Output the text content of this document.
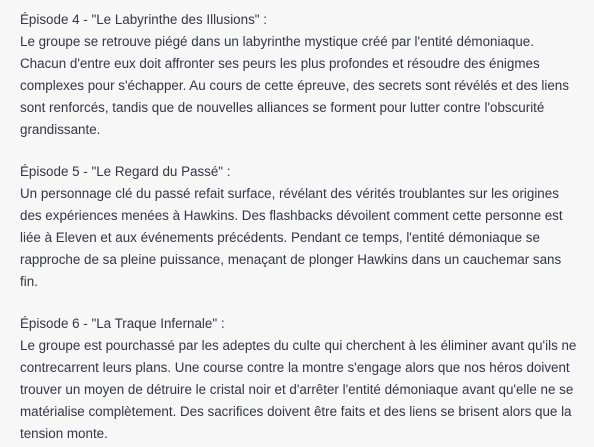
Épisode 4 - "Le Labyrinthe des Illusions" :

Le groupe se retrouve piégé dans un labyrinthe mystique créé par l'entité démoniaque. Chacun d'entre eux doit affronter ses peurs les plus profondes et résoudre des énigmes complexes pour s'échapper. Au cours de cette épreuve, des secrets sont révélés et des liens sont renforcés, tandis que de nouvelles alliances se forment pour lutter contre l'obscurité grandissante.

Épisode 5 - "Le Regard du Passé" :

Un personnage clé du passé refait surface, révélant des vérités troublantes sur les origines des expériences menées à Hawkins. Des flashbacks dévoilent comment cette personne est liée à Eleven et aux événements précédents. Pendant ce temps, l'entité démoniaque se rapproche de sa pleine puissance, menaçant de plonger Hawkins dans un cauchemar sans fin.

Épisode 6 - "La Traque Infernale" :

Le groupe est pourchassé par les adeptes du culte qui cherchent à les éliminer avant qu'ils ne contrecarrent leurs plans. Une course contre la montre s'engage alors que nos héros doivent trouver un moyen de détruire le cristal noir et d'arrêter l'entité démoniaque avant qu'elle ne se matérialise complètement. Des sacrifices doivent être faits et des liens se brisent alors que la tension monte.
